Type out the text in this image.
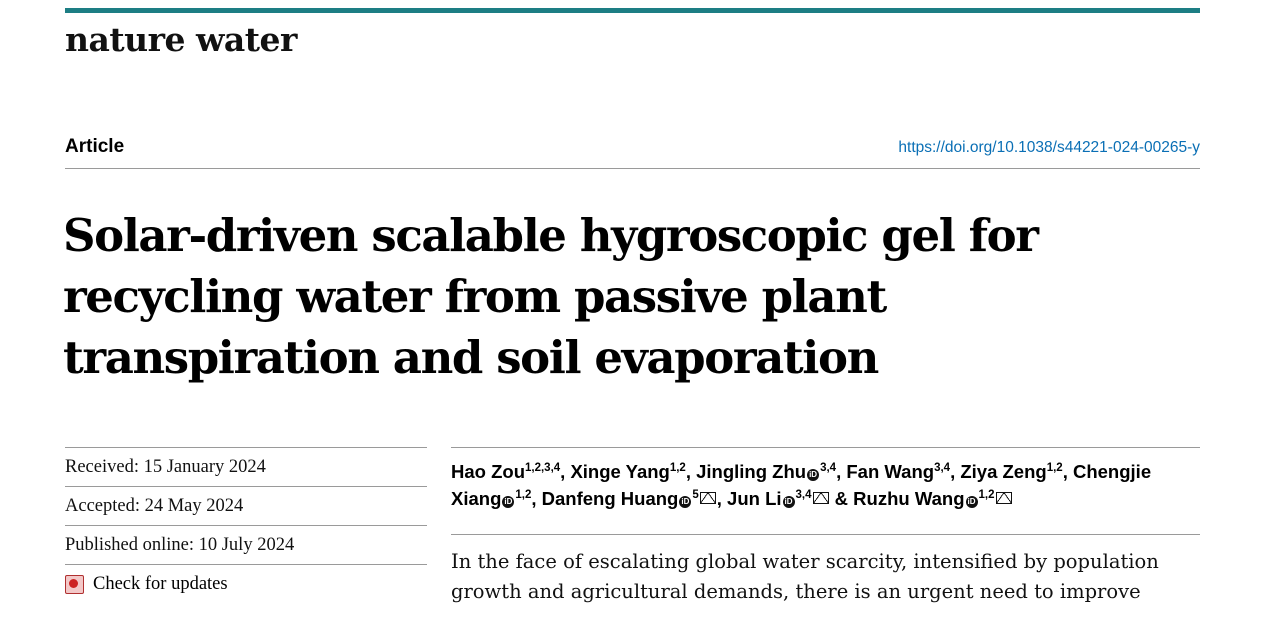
nature water
Article	https://doi.org/10.1038/s44221-024-00265-y
Solar-driven scalable hygroscopic gel for recycling water from passive plant transpiration and soil evaporation
Received: 15 January 2024
Accepted: 24 May 2024
Published online: 10 July 2024
Check for updates
Hao Zou$^{1,2,3,4}$, Xinge Yang$^{1,2}$, Jingling Zhu iD$^{3,4}$, Fan Wang$^{3,4}$, Ziya Zeng$^{1,2}$, Chengjie Xiang iD$^{1,2}$, Danfeng Huang $iD^5$ , Jun Li iD$^{3,4}$ & Ruzhu Wang iD$^{1,2}$
In the face of escalating global water scarcity, intensified by population growth and agricultural demands, there is an urgent need to improve
